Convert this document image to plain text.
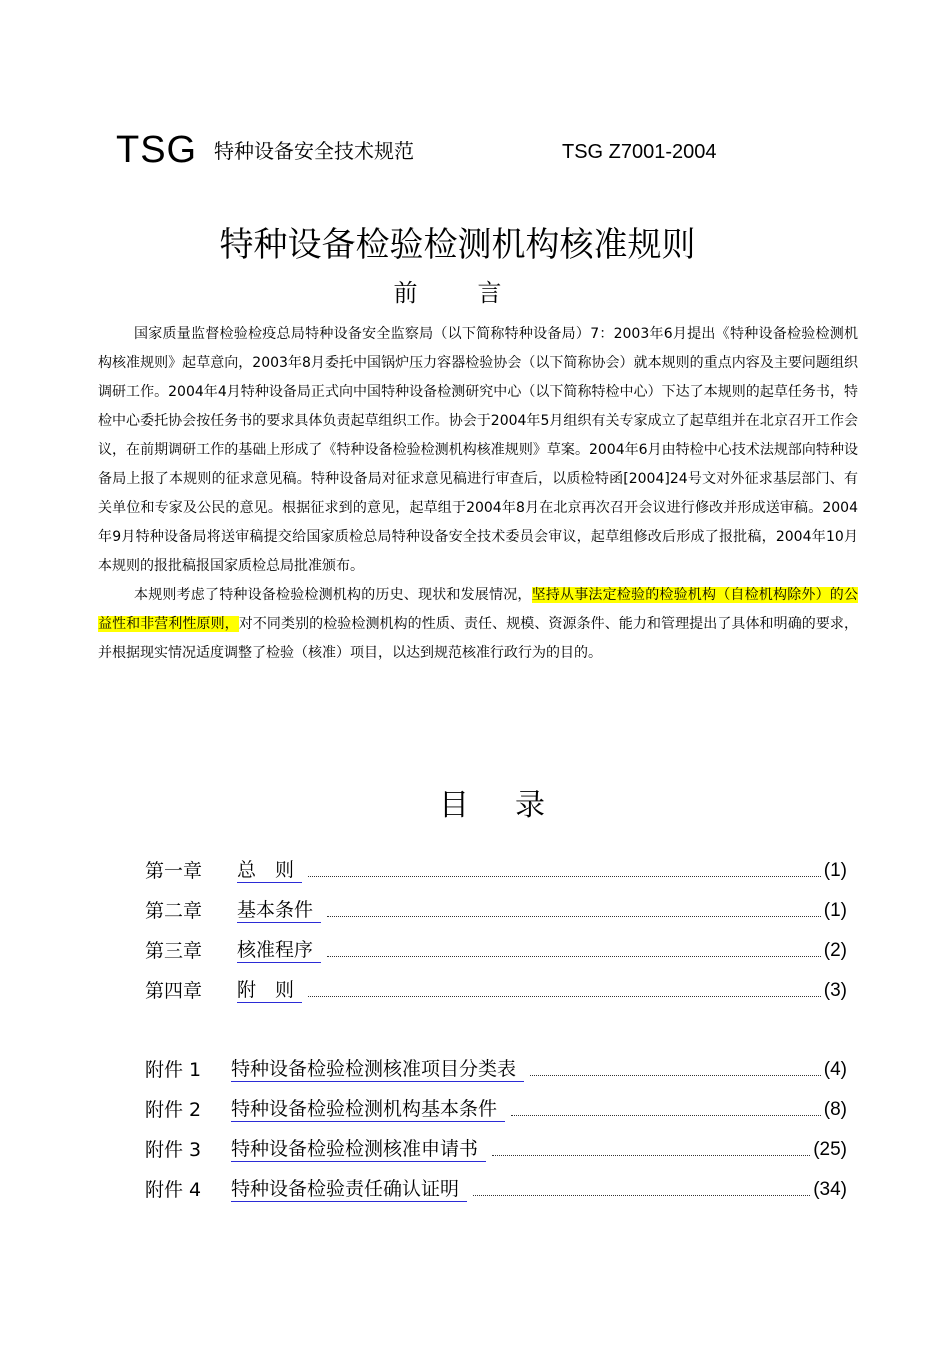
TSG 特种设备安全技术规范	TSG Z7001-2004
特种设备检验检测机构核准规则
前言

国家质量监督检验检疫总局特种设备安全监察局（以下简称特种设备局）7：2003年6月提出《特种设备检验检测机构核准规则》起草意向，2003年8月委托中国锅炉压力容器检验协会（以下简称协会）就本规则的重点内容及主要问题组织调研工作。2004年4月特种设备局正式向中国特种设备检测研究中心（以下简称特检中心）下达了本规则的起草任务书，特检中心委托协会按任务书的要求具体负责起草组织工作。协会于2004年5月组织有关专家成立了起草组并在北京召开工作会议，在前期调研工作的基础上形成了《特种设备检验检测机构核准规则》草案。2004年6月由特检中心技术法规部向特种设备局上报了本规则的征求意见稿。特种设备局对征求意见稿进行审查后，以质检特函[2004]24号文对外征求基层部门、有关单位和专家及公民的意见。根据征求到的意见，起草组于2004年8月在北京再次召开会议进行修改并形成送审稿。2004年9月特种设备局将送审稿提交给国家质检总局特种设备安全技术委员会审议，起草组修改后形成了报批稿，2004年10月本规则的报批稿报国家质检总局批准颁布。

本规则考虑了特种设备检验检测机构的历史、现状和发展情况，坚持从事法定检验的检验机构（自检机构除外）的公益性和非营利性原则，对不同类别的检验检测机构的性质、责任、规模、资源条件、能力和管理提出了具体和明确的要求，并根据现实情况适度调整了检验（核准）项目，以达到规范核准行政行为的目的。

目录
第一章	总　则	(1)
第二章	基本条件	(1)
第三章	核准程序	(2)
第四章	附　则	(3)
附件 1	特种设备检验检测核准项目分类表	(4)
附件 2	特种设备检验检测机构基本条件	(8)
附件 3	特种设备检验检测核准申请书	(25)
附件 4	特种设备检验责任确认证明	(34)
